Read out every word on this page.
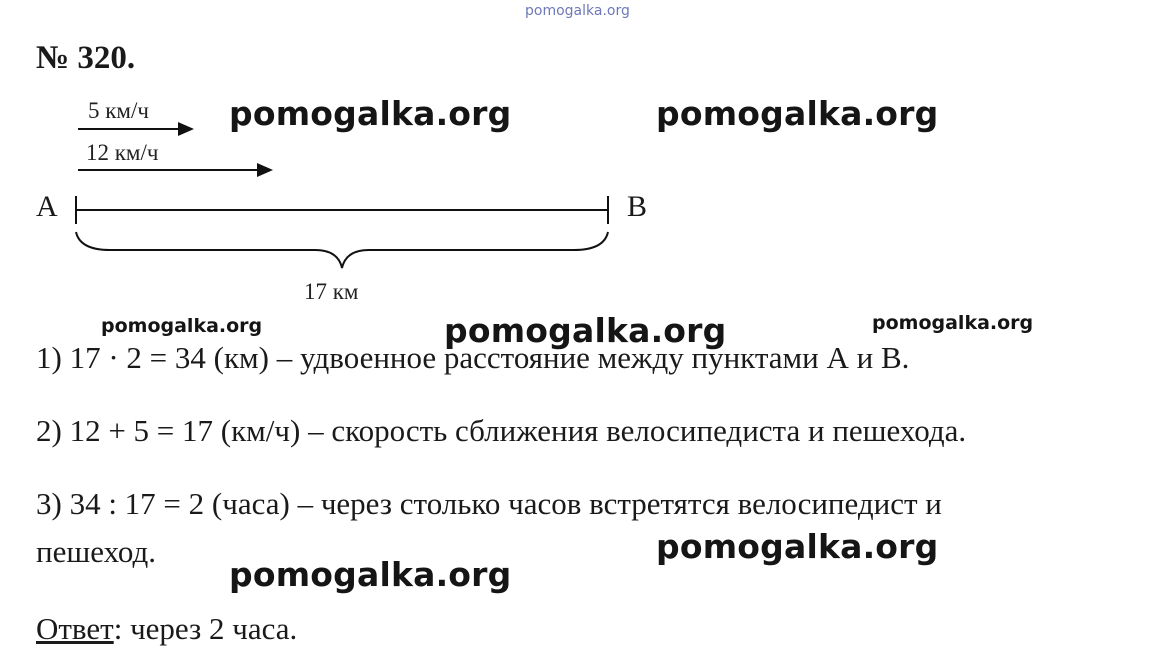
pomogalka.org
№ 320.
5 км/ч
12 км/ч
A	B
17 км
1) 17 · 2 = 34 (км) – удвоенное расстояние между пунктами А и В.
2) 12 + 5 = 17 (км/ч) – скорость сближения велосипедиста и пешехода.
3) 34 : 17 = 2 (часа) – через столько часов встретятся велосипедист и
пешеход.
Ответ: через 2 часа.
pomogalka.org	pomogalka.org
pomogalka.org
pomogalka.org
pomogalka.org
pomogalka.org	pomogalka.org
